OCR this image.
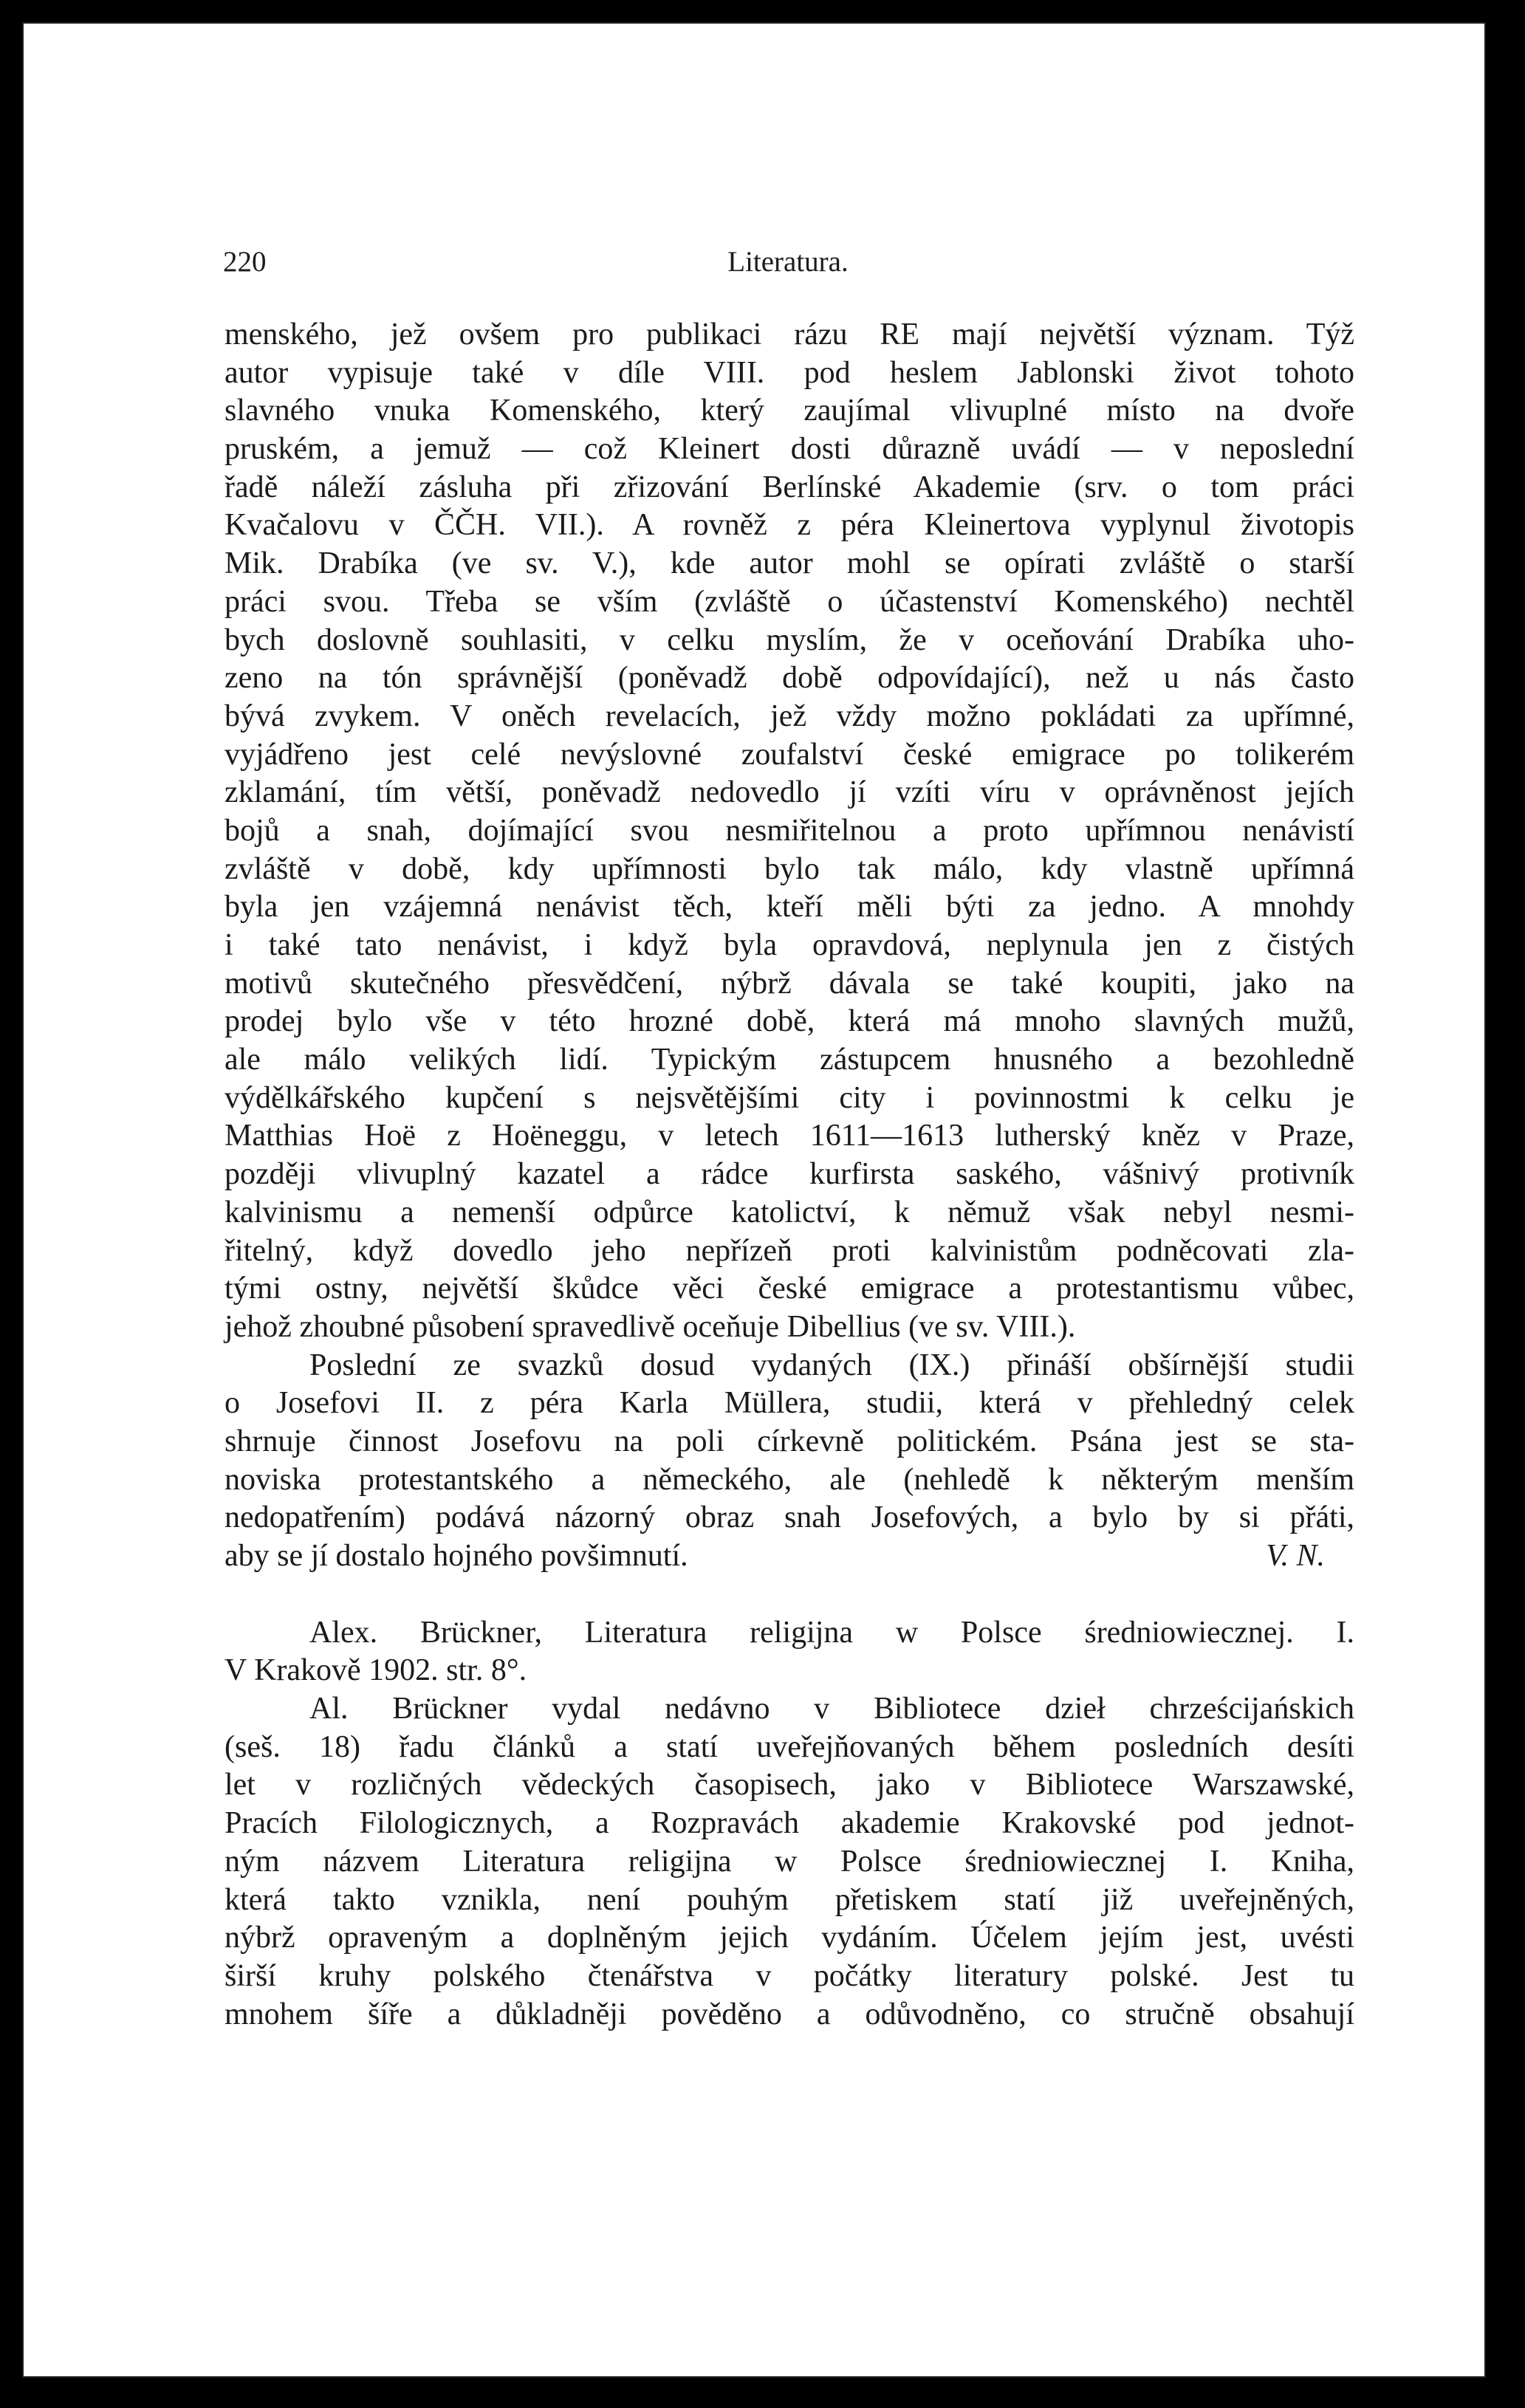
220	Literatura.
menského, jež ovšem pro publikaci rázu RE mají největší význam. Týž
autor vypisuje také v díle VIII. pod heslem Jablonski život tohoto
slavného vnuka Komenského, který zaujímal vlivuplné místo na dvoře
pruském, a jemuž — což Kleinert dosti důrazně uvádí — v neposlední
řadě náleží zásluha při zřizování Berlínské Akademie (srv. o tom práci
Kvačalovu v ČČH. VII.). A rovněž z péra Kleinertova vyplynul životopis
Mik. Drabíka (ve sv. V.), kde autor mohl se opírati zvláště o starší
práci svou. Třeba se vším (zvláště o účastenství Komenského) nechtěl
bych doslovně souhlasiti, v celku myslím, že v oceňování Drabíka uho-
zeno na tón správnější (poněvadž době odpovídající), než u nás často
bývá zvykem. V oněch revelacích, jež vždy možno pokládati za upřímné,
vyjádřeno jest celé nevýslovné zoufalství české emigrace po tolikerém
zklamání, tím větší, poněvadž nedovedlo jí vzíti víru v oprávněnost jejích
bojů a snah, dojímající svou nesmiřitelnou a proto upřímnou nenávistí
zvláště v době, kdy upřímnosti bylo tak málo, kdy vlastně upřímná
byla jen vzájemná nenávist těch, kteří měli býti za jedno. A mnohdy
i také tato nenávist, i když byla opravdová, neplynula jen z čistých
motivů skutečného přesvědčení, nýbrž dávala se také koupiti, jako na
prodej bylo vše v této hrozné době, která má mnoho slavných mužů,
ale málo velikých lidí. Typickým zástupcem hnusného a bezohledně
výdělkářského kupčení s nejsvětějšími city i povinnostmi k celku je
Matthias Hoë z Hoëneggu, v letech 1611—1613 lutherský kněz v Praze,
později vlivuplný kazatel a rádce kurfirsta saského, vášnivý protivník
kalvinismu a nemenší odpůrce katolictví, k němuž však nebyl nesmi-
řitelný, když dovedlo jeho nepřízeň proti kalvinistům podněcovati zla-
tými ostny, největší škůdce věci české emigrace a protestantismu vůbec,
jehož zhoubné působení spravedlivě oceňuje Dibellius (ve sv. VIII.).
Poslední ze svazků dosud vydaných (IX.) přináší obšírnější studii
o Josefovi II. z péra Karla Müllera, studii, která v přehledný celek
shrnuje činnost Josefovu na poli církevně politickém. Psána jest se sta-
noviska protestantského a německého, ale (nehledě k některým menším
nedopatřením) podává názorný obraz snah Josefových, a bylo by si přáti,
aby se jí dostalo hojného povšimnutí.	V. N.
Alex. Brückner, Literatura religijna w Polsce średniowiecznej. I.
V Krakově 1902. str. 8°.
Al. Brückner vydal nedávno v Bibliotece dzieł chrześcijańskich
(seš. 18) řadu článků a statí uveřejňovaných během posledních desíti
let v rozličných vědeckých časopisech, jako v Bibliotece Warszawské,
Pracích Filologicznych, a Rozpravách akademie Krakovské pod jednot-
ným názvem Literatura religijna w Polsce średniowiecznej I. Kniha,
která takto vznikla, není pouhým přetiskem statí již uveřejněných,
nýbrž opraveným a doplněným jejich vydáním. Účelem jejím jest, uvésti
širší kruhy polského čtenářstva v počátky literatury polské. Jest tu
mnohem šíře a důkladněji pověděno a odůvodněno, co stručně obsahují
